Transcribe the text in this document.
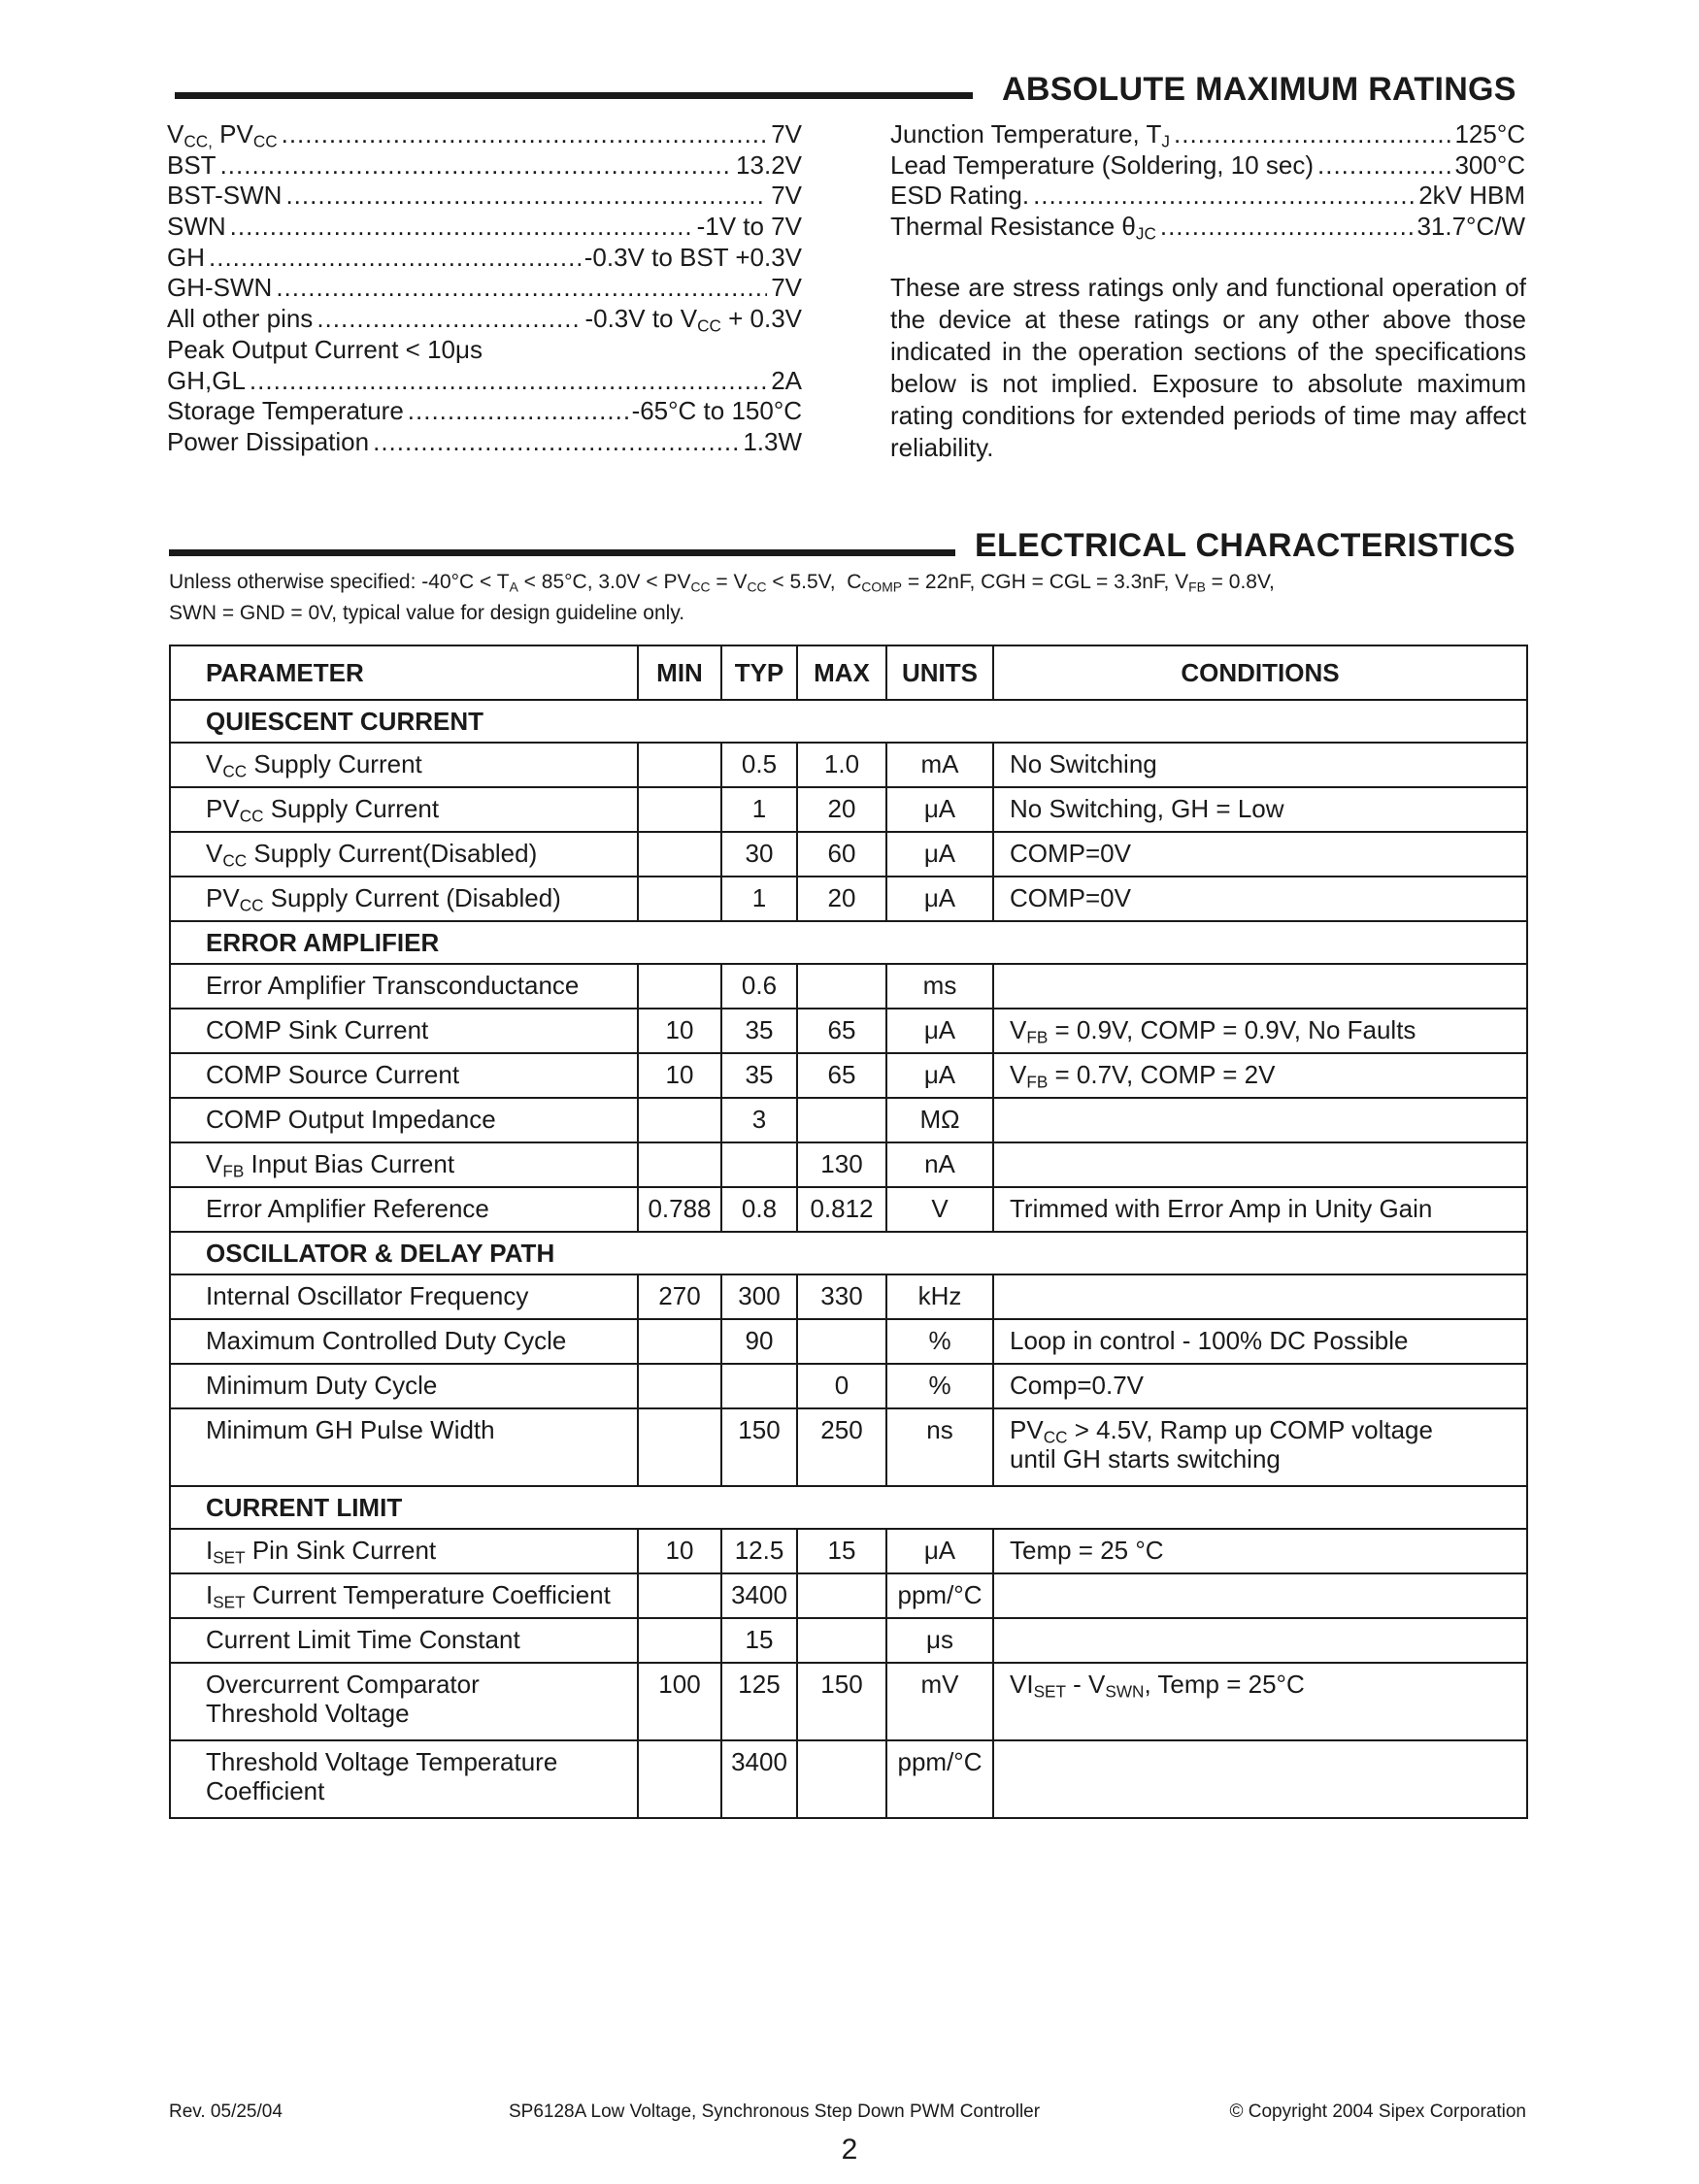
ABSOLUTE MAXIMUM RATINGS
$V_{CC,}$ $PV_{CC}$ .....	7V
BST .....	13.2V
BST-SWN .....	7V
SWN .....	-1V to 7V
GH .....	-0.3V to BST +0.3V
GH-SWN .....	7V
All other pins .....	-0.3V to $V_{CC} + 0.3V$
Peak Output Current < 10μs
GH,GL .....	2A
Storage Temperature .....	-65°C to 150°C
Power Dissipation .....	1.3W
Junction Temperature, $T_J$ .....	125°C
Lead Temperature (Soldering, 10 sec) .....	300°C
ESD Rating. .....	2kV HBM
Thermal Resistance $\theta_{JC}$ .....	31.7°C/W
These are stress ratings only and functional operation of the device at these ratings or any other above those indicated in the operation sections of the specifications below is not implied. Exposure to absolute maximum rating conditions for extended periods of time may affect reliability.
ELECTRICAL CHARACTERISTICS
Unless otherwise specified: $-40^\circ C < T_A < 85^\circ C$, $3.0V < PV_{CC} = V_{CC} < 5.5V$,  $C_{COMP} = 22nF$, CGH = CGL = 3.3nF, $V_{FB} = 0.8V$,
SWN = GND = 0V, typical value for design guideline only.
PARAMETER	MIN	TYP	MAX	UNITS	CONDITIONS
QUIESCENT CURRENT					
$V_{CC}$ Supply Current		0.5	1.0	mA	No Switching
$PV_{CC}$ Supply Current		1	20	μA	No Switching, GH = Low
$V_{CC}$ Supply Current(Disabled)		30	60	μA	COMP=0V
$PV_{CC}$ Supply Current (Disabled)		1	20	μA	COMP=0V
ERROR AMPLIFIER					
Error Amplifier Transconductance		0.6		ms	
COMP Sink Current	10	35	65	μA	$V_{FB} = 0.9V$, COMP = 0.9V, No Faults
COMP Source Current	10	35	65	μA	$V_{FB} = 0.7V$, COMP = 2V
COMP Output Impedance		3		MΩ	
$V_{FB}$ Input Bias Current			130	nA	
Error Amplifier Reference	0.788	0.8	0.812	V	Trimmed with Error Amp in Unity Gain
OSCILLATOR & DELAY PATH					
Internal Oscillator Frequency	270	300	330	kHz	
Maximum Controlled Duty Cycle		90		%	Loop in control - 100% DC Possible
Minimum Duty Cycle			0	%	Comp=0.7V
Minimum GH Pulse Width		150	250	ns	$PV_{CC} > 4.5V$, Ramp up COMP voltage
until GH starts switching
CURRENT LIMIT					
$I_{SET}$ Pin Sink Current	10	12.5	15	μA	Temp = 25 °C
$I_{SET}$ Current Temperature Coefficient		3400		ppm/°C	
Current Limit Time Constant		15		μs	
Overcurrent Comparator
Threshold Voltage	100	125	150	mV	$VI_{SET} - V_{SWN}$, Temp = 25°C
Threshold Voltage Temperature
Coefficient		3400		ppm/°C	
Rev. 05/25/04	SP6128A Low Voltage, Synchronous Step Down PWM Controller	© Copyright 2004 Sipex Corporation
2
